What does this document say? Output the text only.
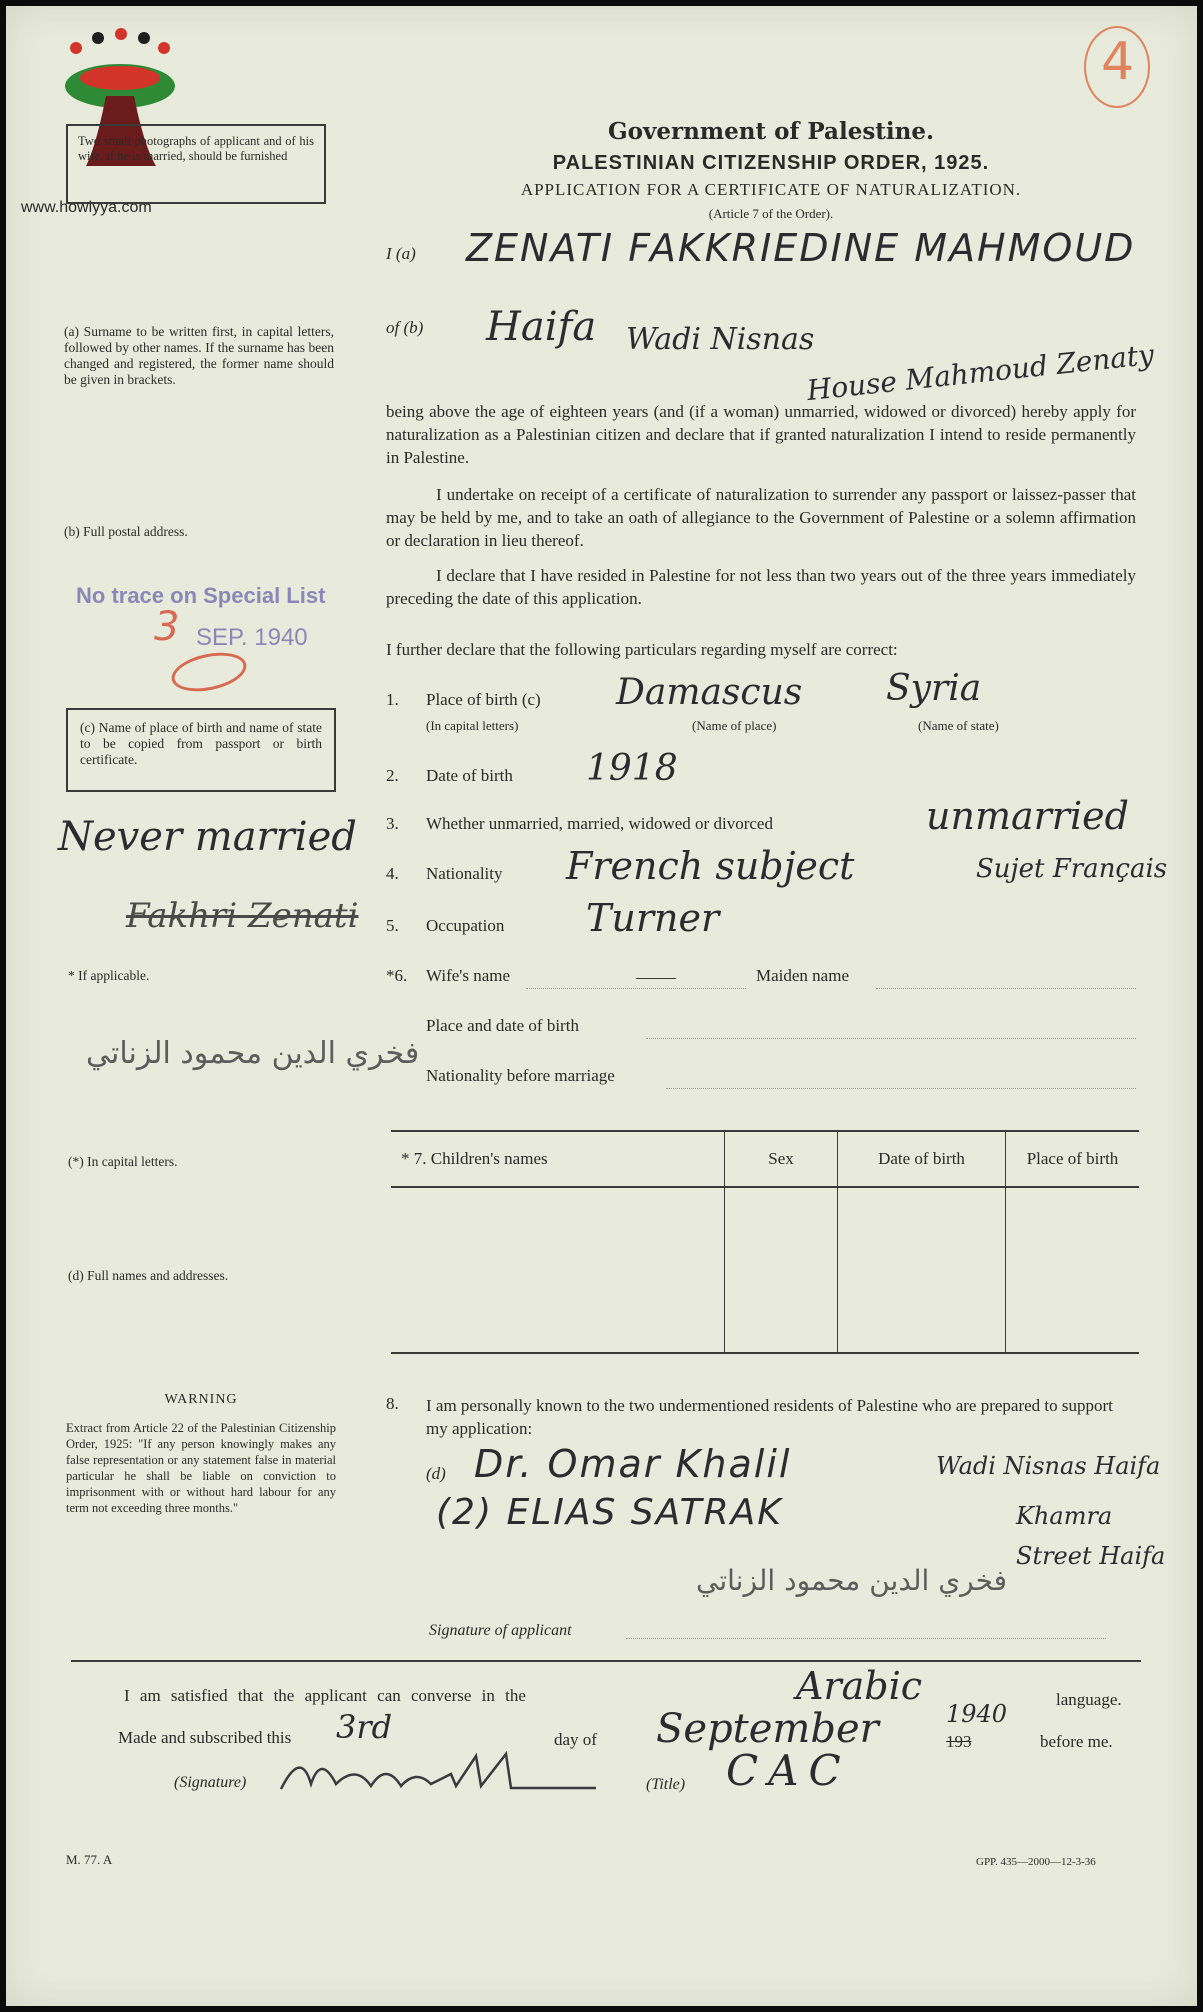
www.howiyya.com
Two small photographs of applicant and of his wife, if he is married, should be furnished
4
Government of Palestine.
PALESTINIAN CITIZENSHIP ORDER, 1925.
APPLICATION FOR A CERTIFICATE OF NATURALIZATION.
(Article 7 of the Order).
I (a) ZENATI FAKKRIEDINE MAHMOUD
(a) Surname to be written first, in capital letters, followed by other names. If the surname has been changed and registered, the former name should be given in brackets.
of (b) Haifa Wadi Nisnas
House Mahmoud Zenaty
being above the age of eighteen years (and (if a woman) unmarried, widowed or divorced) hereby apply for naturalization as a Palestinian citizen and declare that if granted naturalization I intend to reside permanently in Palestine.
I undertake on receipt of a certificate of naturalization to surrender any passport or laissez-passer that may be held by me, and to take an oath of allegiance to the Government of Palestine or a solemn affirmation or declaration in lieu thereof.
(b) Full postal address.
I declare that I have resided in Palestine for not less than two years out of the three years immediately preceding the date of this application.
No trace on Special List
3 SEP. 1940	I further declare that the following particulars regarding myself are correct:
1. Place of birth (c) Damascus Syria
(In capital letters)	(Name of place)	(Name of state)
(c) Name of place of birth and name of state to be copied from passport or birth certificate.
2. Date of birth 1918
Never married 3. Whether unmarried, married, widowed or divorced	unmarried
4. Nationality French subject	Sujet Français
Fakhri Zenati 5. Occupation Turner
* If applicable.	*6. Wife's name	Maiden name
Place and date of birth
فخري الدين محمود الزناتي
Nationality before marriage
(*) In capital letters.	* 7. Children's names	Sex	Date of birth	Place of birth

(d) Full names and addresses.
WARNING
Extract from Article 22 of the Palestinian Citizenship Order, 1925: "If any person knowingly makes any false representation or any statement false in material particular he shall be liable on conviction to imprisonment with or without hard labour for any term not exceeding three months."
8. I am personally known to the two undermentioned residents of Palestine who are prepared to support my application:
(d) Dr. Omar Khalil	Wadi Nisnas Haifa
(2) ELIAS SATRAK	Khamra Street Haifa
فخري الدين محمود الزناتي
Signature of applicant
I am satisfied that the applicant can converse in the	Arabic	language.
Made and subscribed this 3rd	day of September	1940
193	before me.
(Signature)	(Title) CAC
M. 77. A	GPP. 435—2000—12-3-36
